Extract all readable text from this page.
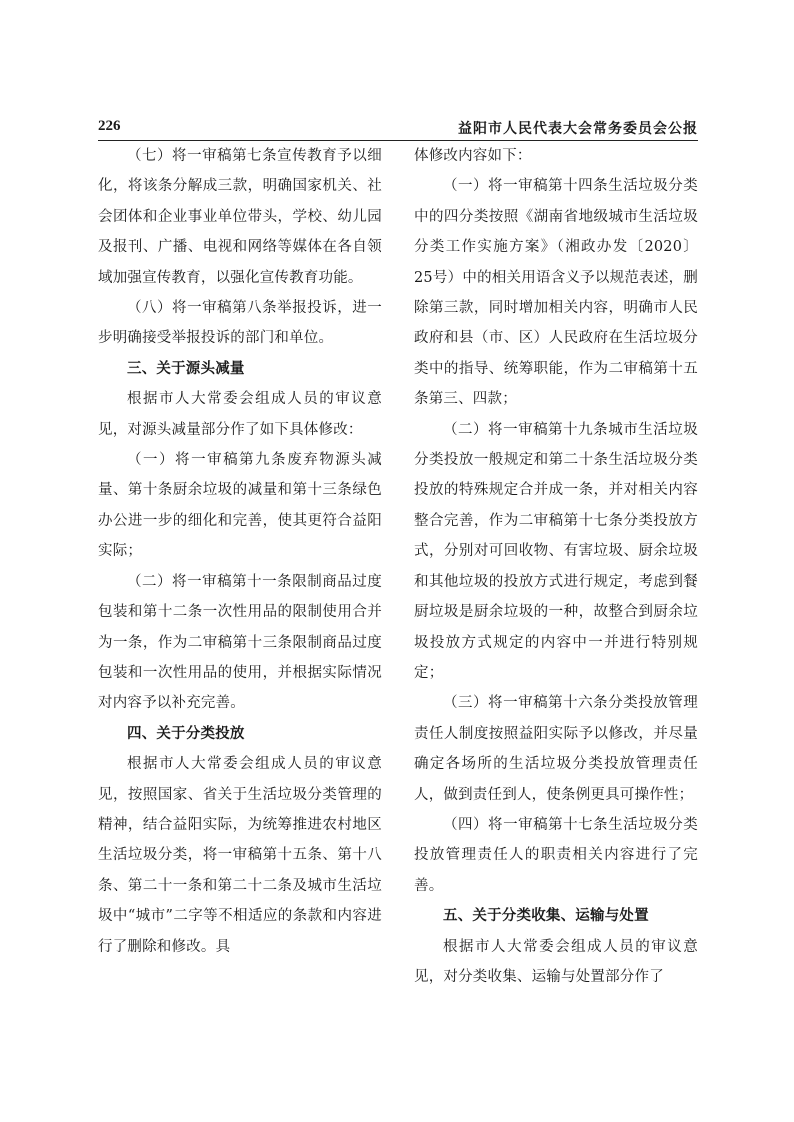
226	益阳市人民代表大会常务委员会公报

（七）将一审稿第七条宣传教育予以细化，将该条分解成三款，明确国家机关、社会团体和企业事业单位带头，学校、幼儿园及报刊、广播、电视和网络等媒体在各自领域加强宣传教育，以强化宣传教育功能。

（八）将一审稿第八条举报投诉，进一步明确接受举报投诉的部门和单位。

三、关于源头减量

根据市人大常委会组成人员的审议意见，对源头减量部分作了如下具体修改：

（一）将一审稿第九条废弃物源头减量、第十条厨余垃圾的减量和第十三条绿色办公进一步的细化和完善，使其更符合益阳实际；

（二）将一审稿第十一条限制商品过度包装和第十二条一次性用品的限制使用合并为一条，作为二审稿第十三条限制商品过度包装和一次性用品的使用，并根据实际情况对内容予以补充完善。

四、关于分类投放

根据市人大常委会组成人员的审议意见，按照国家、省关于生活垃圾分类管理的精神，结合益阳实际，为统筹推进农村地区生活垃圾分类，将一审稿第十五条、第十八条、第二十一条和第二十二条及城市生活垃圾中“城市”二字等不相适应的条款和内容进行了删除和修改。具

体修改内容如下：

（一）将一审稿第十四条生活垃圾分类中的四分类按照《湖南省地级城市生活垃圾分类工作实施方案》（湘政办发〔2020〕25号）中的相关用语含义予以规范表述，删除第三款，同时增加相关内容，明确市人民政府和县（市、区）人民政府在生活垃圾分类中的指导、统筹职能，作为二审稿第十五条第三、四款；

（二）将一审稿第十九条城市生活垃圾分类投放一般规定和第二十条生活垃圾分类投放的特殊规定合并成一条，并对相关内容整合完善，作为二审稿第十七条分类投放方式，分别对可回收物、有害垃圾、厨余垃圾和其他垃圾的投放方式进行规定，考虑到餐厨垃圾是厨余垃圾的一种，故整合到厨余垃圾投放方式规定的内容中一并进行特别规定；

（三）将一审稿第十六条分类投放管理责任人制度按照益阳实际予以修改，并尽量确定各场所的生活垃圾分类投放管理责任人，做到责任到人，使条例更具可操作性；

（四）将一审稿第十七条生活垃圾分类投放管理责任人的职责相关内容进行了完善。

五、关于分类收集、运输与处置

根据市人大常委会组成人员的审议意见，对分类收集、运输与处置部分作了
